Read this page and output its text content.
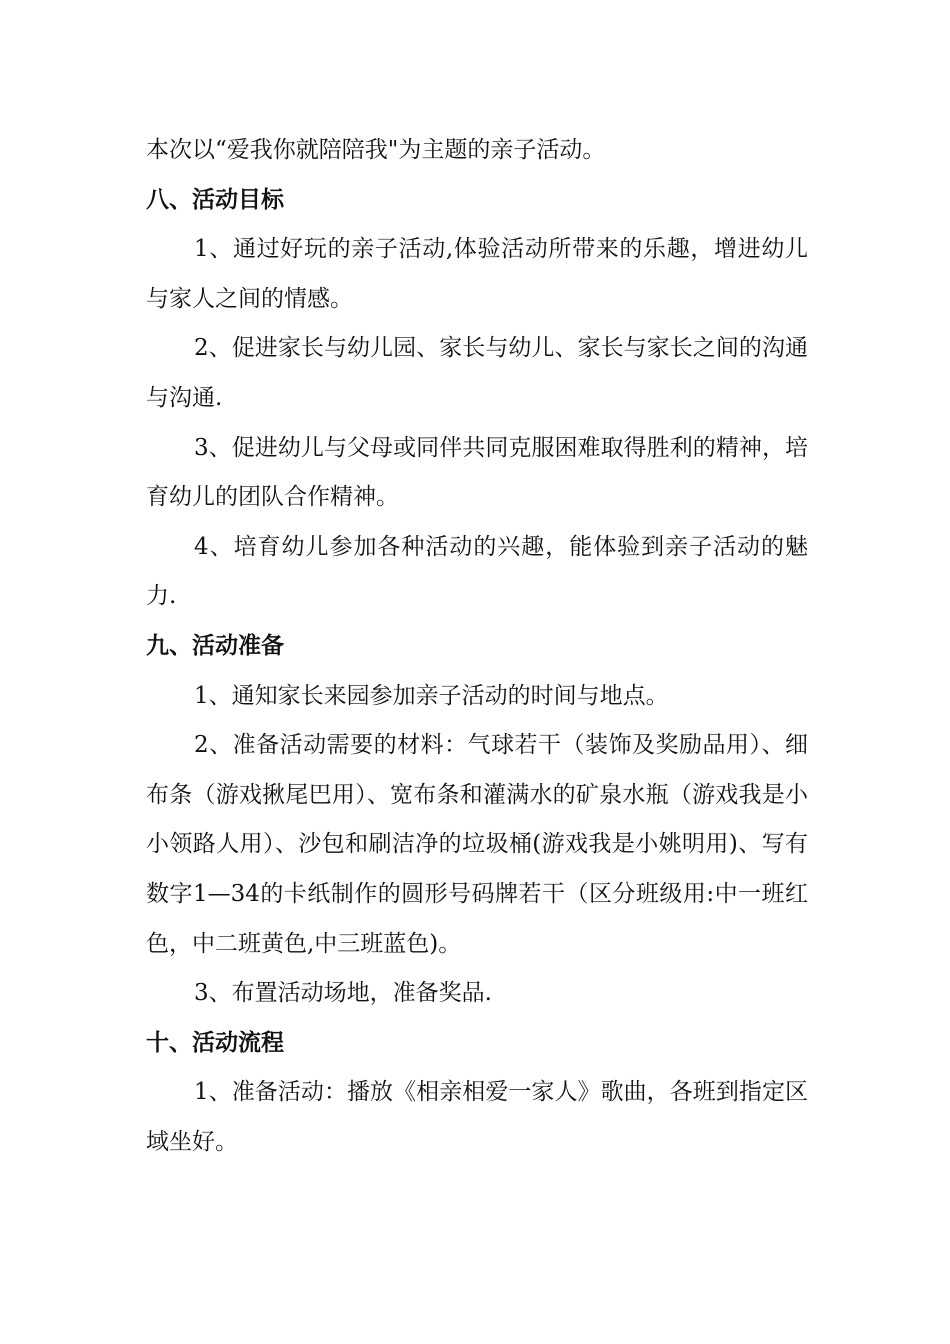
本次以“爱我你就陪陪我"为主题的亲子活动。

八、活动目标

1、通过好玩的亲子活动,体验活动所带来的乐趣，增进幼儿与家人之间的情感。

2、促进家长与幼儿园、家长与幼儿、家长与家长之间的沟通与沟通.

3、促进幼儿与父母或同伴共同克服困难取得胜利的精神，培育幼儿的团队合作精神。

4、培育幼儿参加各种活动的兴趣，能体验到亲子活动的魅力.

九、活动准备

1、通知家长来园参加亲子活动的时间与地点。

2、准备活动需要的材料：气球若干（装饰及奖励品用）、细布条（游戏揪尾巴用）、宽布条和灌满水的矿泉水瓶（游戏我是小小领路人用）、沙包和刷洁净的垃圾桶(游戏我是小姚明用)、写有数字1—34的卡纸制作的圆形号码牌若干（区分班级用:中一班红色，中二班黄色,中三班蓝色)。

3、布置活动场地，准备奖品.

十、活动流程

1、准备活动：播放《相亲相爱一家人》歌曲，各班到指定区域坐好。
